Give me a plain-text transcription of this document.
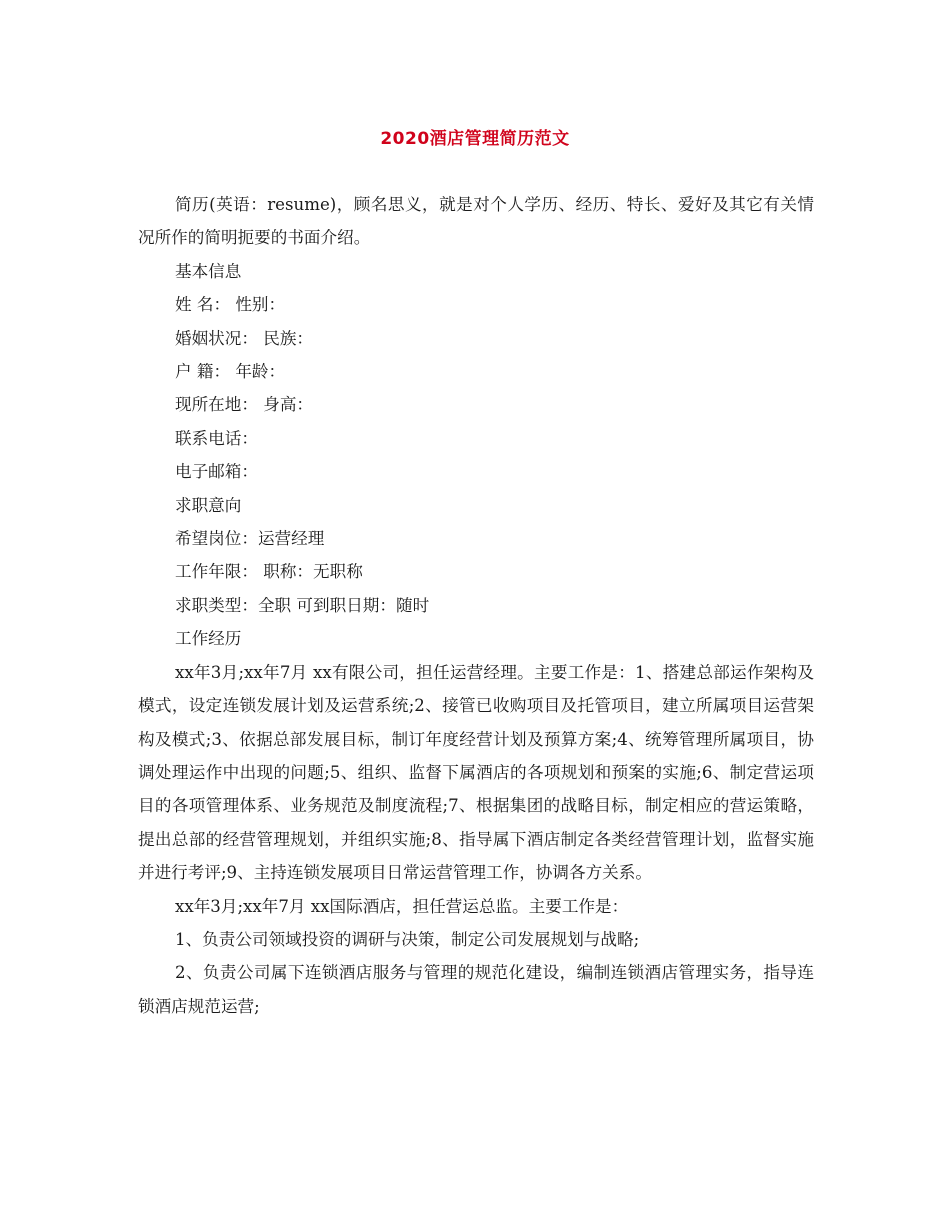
2020酒店管理简历范文

简历(英语：resume)，顾名思义，就是对个人学历、经历、特长、爱好及其它有关情况所作的简明扼要的书面介绍。

基本信息

姓 名： 性别：

婚姻状况： 民族：

户 籍： 年龄：

现所在地： 身高：

联系电话：

电子邮箱：

求职意向

希望岗位：运营经理

工作年限： 职称：无职称

求职类型：全职 可到职日期：随时

工作经历

xx年3月;xx年7月 xx有限公司，担任运营经理。主要工作是：1、搭建总部运作架构及模式，设定连锁发展计划及运营系统;2、接管已收购项目及托管项目，建立所属项目运营架构及模式;3、依据总部发展目标，制订年度经营计划及预算方案;4、统筹管理所属项目，协调处理运作中出现的问题;5、组织、监督下属酒店的各项规划和预案的实施;6、制定营运项目的各项管理体系、业务规范及制度流程;7、根据集团的战略目标，制定相应的营运策略，提出总部的经营管理规划，并组织实施;8、指导属下酒店制定各类经营管理计划，监督实施并进行考评;9、主持连锁发展项目日常运营管理工作，协调各方关系。

xx年3月;xx年7月 xx国际酒店，担任营运总监。主要工作是：

1、负责公司领域投资的调研与决策，制定公司发展规划与战略;

2、负责公司属下连锁酒店服务与管理的规范化建设，编制连锁酒店管理实务，指导连锁酒店规范运营;
